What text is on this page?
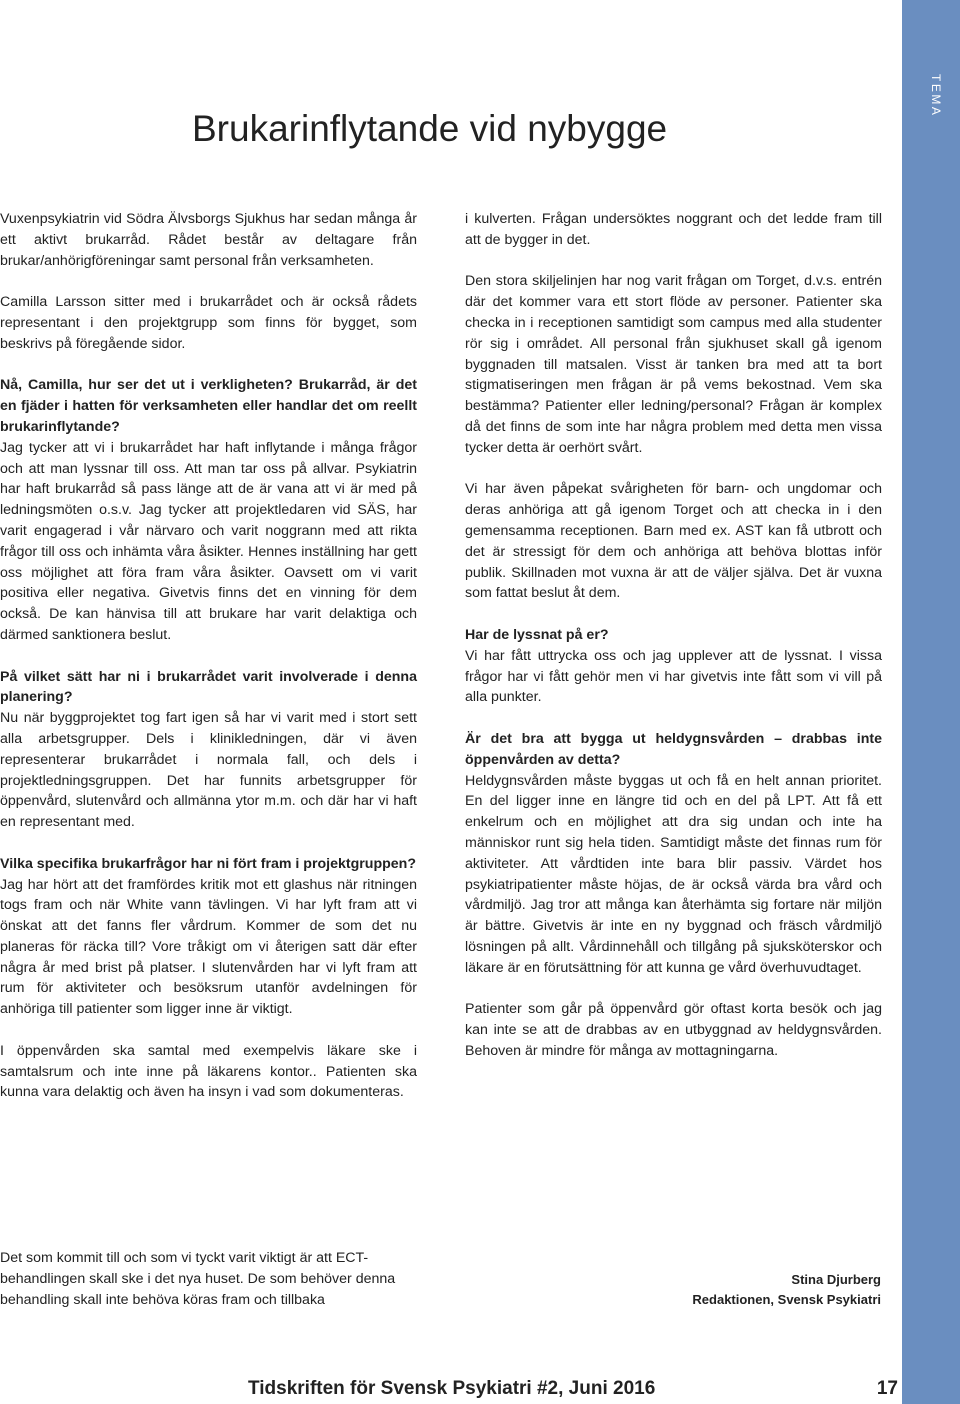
TEMA
Brukarinflytande vid nybygge

Vuxenpsykiatrin vid Södra Älvsborgs Sjukhus har sedan många år ett aktivt brukarråd. Rådet består av deltagare från brukar/anhörigföreningar samt personal från verksamheten.

Camilla Larsson sitter med i brukarrådet och är också rådets representant i den projektgrupp som finns för bygget, som beskrivs på föregående sidor.

Nå, Camilla, hur ser det ut i verkligheten? Brukarråd, är det en fjäder i hatten för verksamheten eller handlar det om reellt brukarinflytande?

Jag tycker att vi i brukarrådet har haft inflytande i många frågor och att man lyssnar till oss. Att man tar oss på allvar. Psykiatrin har haft brukarråd så pass länge att de är vana att vi är med på ledningsmöten o.s.v. Jag tycker att projektledaren vid SÄS, har varit engagerad i vår närvaro och varit noggrann med att rikta frågor till oss och inhämta våra åsikter. Hennes inställning har gett oss möjlighet att föra fram våra åsikter. Oavsett om vi varit positiva eller negativa. Givetvis finns det en vinning för dem också. De kan hänvisa till att brukare har varit delaktiga och därmed sanktionera beslut.

På vilket sätt har ni i brukarrådet varit involverade i denna planering?

Nu när byggprojektet tog fart igen så har vi varit med i stort sett alla arbetsgrupper. Dels i klinikledningen, där vi även representerar brukarrådet i normala fall, och dels i projektledningsgruppen. Det har funnits arbetsgrupper för öppenvård, slutenvård och allmänna ytor m.m. och där har vi haft en representant med.

Vilka specifika brukarfrågor har ni fört fram i projektgruppen?

Jag har hört att det framfördes kritik mot ett glashus när ritningen togs fram och när White vann tävlingen. Vi har lyft fram att vi önskat att det fanns fler vårdrum. Kommer de som det nu planeras för räcka till? Vore tråkigt om vi återigen satt där efter några år med brist på platser. I slutenvården har vi lyft fram att rum för aktiviteter och besöksrum utanför avdelningen för anhöriga till patienter som ligger inne är viktigt.

I öppenvården ska samtal med exempelvis läkare ske i samtalsrum och inte inne på läkarens kontor.. Patienten ska kunna vara delaktig och även ha insyn i vad som dokumenteras.

i kulverten. Frågan undersöktes noggrant och det ledde fram till att de bygger in det.

Den stora skiljelinjen har nog varit frågan om Torget, d.v.s. entrén där det kommer vara ett stort flöde av personer. Patienter ska checka in i receptionen samtidigt som campus med alla studenter rör sig i området. All personal från sjukhuset skall gå igenom byggnaden till matsalen. Visst är tanken bra med att ta bort stigmatiseringen men frågan är på vems bekostnad. Vem ska bestämma? Patienter eller ledning/personal? Frågan är komplex då det finns de som inte har några problem med detta men vissa tycker detta är oerhört svårt.

Vi har även påpekat svårigheten för barn- och ungdomar och deras anhöriga att gå igenom Torget och att checka in i den gemensamma receptionen. Barn med ex. AST kan få utbrott och det är stressigt för dem och anhöriga att behöva blottas inför publik. Skillnaden mot vuxna är att de väljer själva. Det är vuxna som fattat beslut åt dem.

Har de lyssnat på er?

Vi har fått uttrycka oss och jag upplever att de lyssnat. I vissa frågor har vi fått gehör men vi har givetvis inte fått som vi vill på alla punkter.

Är det bra att bygga ut heldygnsvården – drabbas inte öppenvården av detta?

Heldygnsvården måste byggas ut och få en helt annan prioritet. En del ligger inne en längre tid och en del på LPT. Att få ett enkelrum och en möjlighet att dra sig undan och inte ha människor runt sig hela tiden. Samtidigt måste det finnas rum för aktiviteter. Att vårdtiden inte bara blir passiv. Värdet hos psykiatripatienter måste höjas, de är också värda bra vård och vårdmiljö. Jag tror att många kan återhämta sig fortare när miljön är bättre. Givetvis är inte en ny byggnad och fräsch vårdmiljö lösningen på allt. Vårdinnehåll och tillgång på sjuksköterskor och läkare är en förutsättning för att kunna ge vård överhuvudtaget.

Patienter som går på öppenvård gör oftast korta besök och jag kan inte se att de drabbas av en utbyggnad av heldygnsvården. Behoven är mindre för många av mottagningarna.

Det som kommit till och som vi tyckt varit viktigt är att ECT-behandlingen skall ske i det nya huset. De som behöver denna behandling skall inte behöva köras fram och tillbaka

Stina Djurberg
Redaktionen, Svensk Psykiatri
Tidskriften för Svensk Psykiatri #2, Juni 2016	17
